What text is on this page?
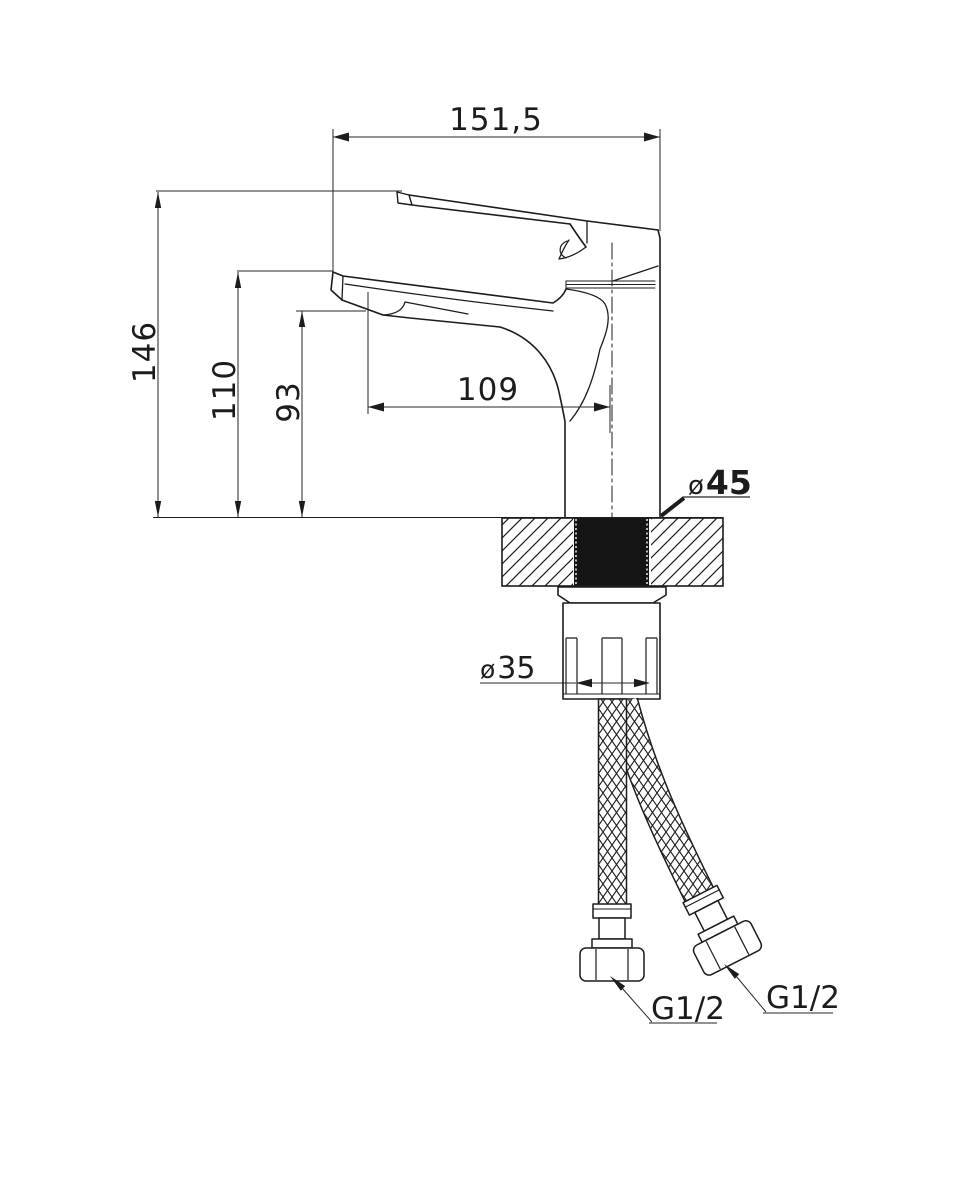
151,5
146
110 93	109
ø45
ø35
G1/2 G1/2
